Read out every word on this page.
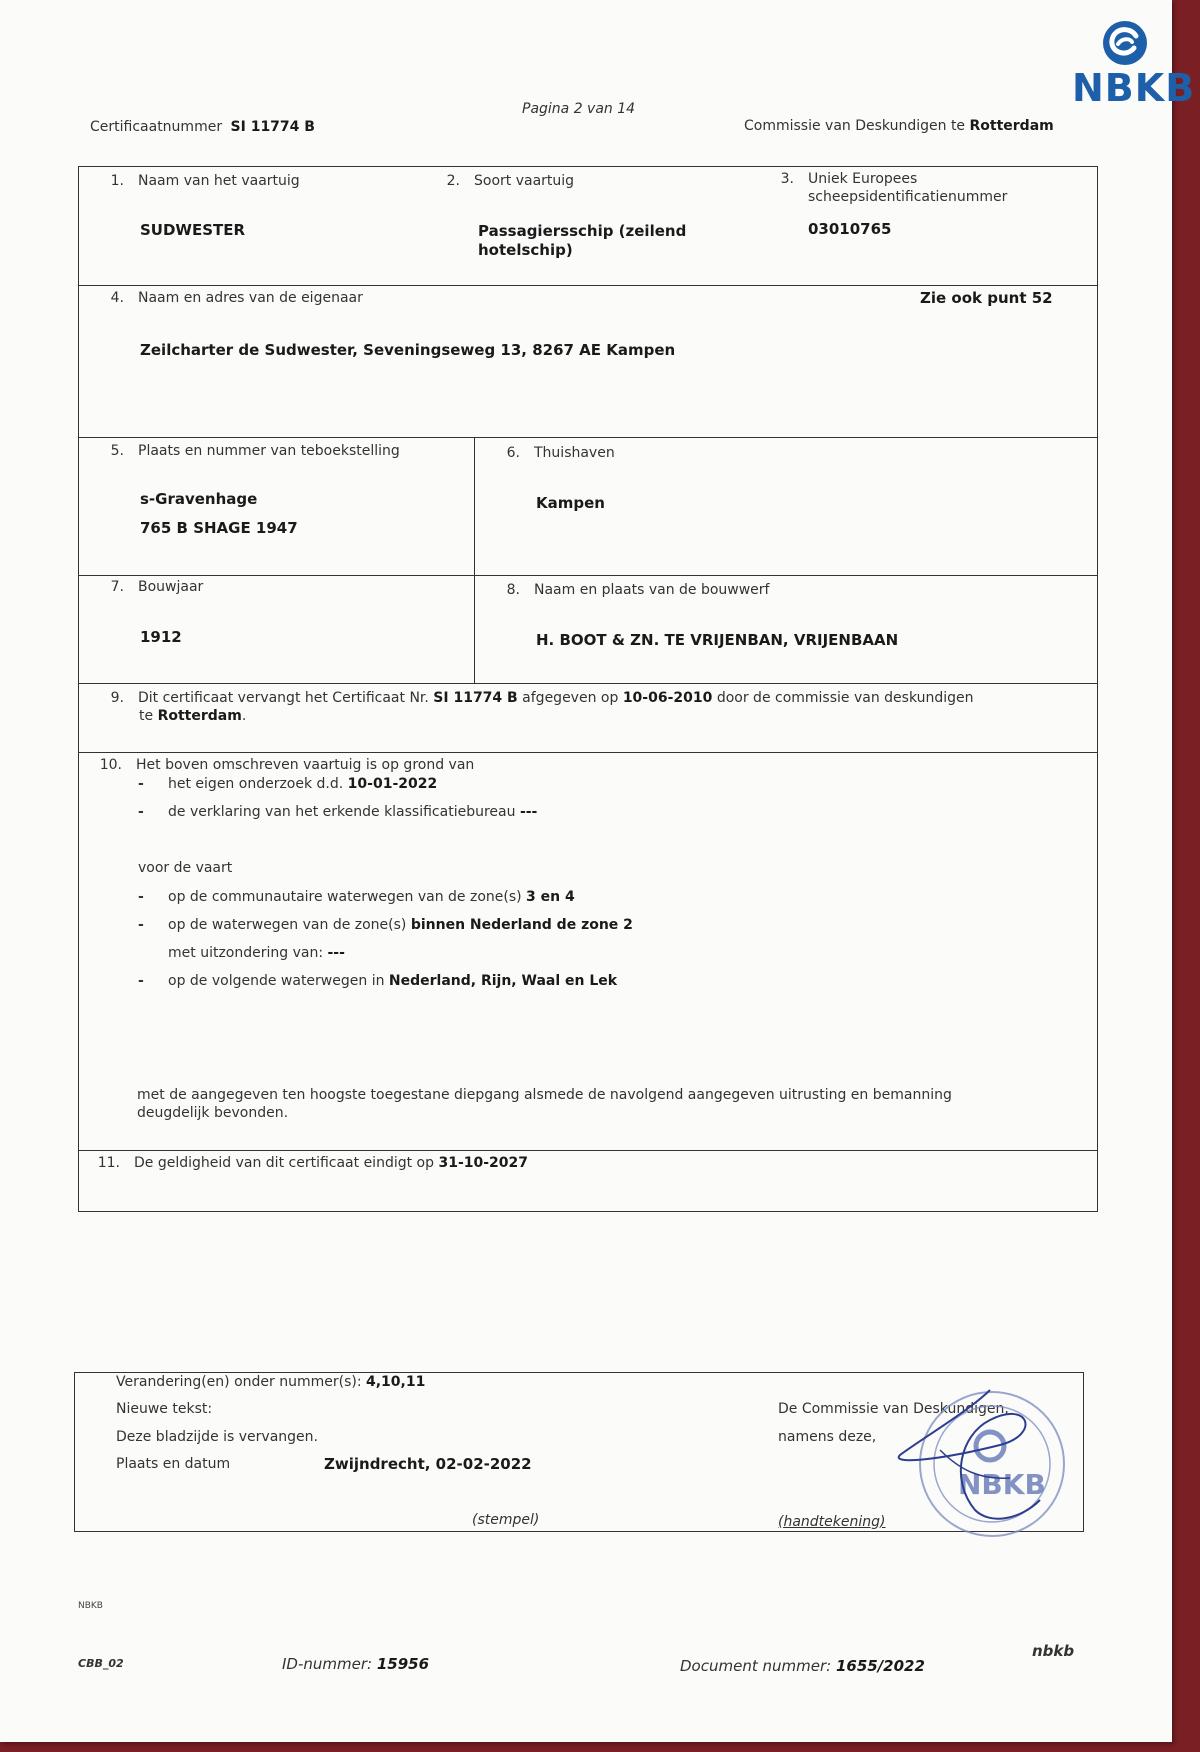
Certificaatnummer SI 11774 B
Pagina 2 van 14
Commissie van Deskundigen te Rotterdam
NBKB
1. Naam van het vaartuig
SUDWESTER
2. Soort vaartuig
Passagiersschip (zeilend
hotelschip)
3. Uniek Europees
scheepsidentificatienummer
03010765
4. Naam en adres van de eigenaar	Zie ook punt 52
Zeilcharter de Sudwester, Seveningseweg 13, 8267 AE Kampen
5. Plaats en nummer van teboekstelling
s-Gravenhage
765 B SHAGE 1947
6. Thuishaven
Kampen
7. Bouwjaar
1912
8. Naam en plaats van de bouwwerf
H. BOOT & ZN. TE VRIJENBAN, VRIJENBAAN
9. Dit certificaat vervangt het Certificaat Nr. SI 11774 B afgegeven op 10-06-2010 door de commissie van deskundigen
te Rotterdam.
10. Het boven omschreven vaartuig is op grond van
- het eigen onderzoek d.d. 10-01-2022
- de verklaring van het erkende klassificatiebureau ---
voor de vaart
- op de communautaire waterwegen van de zone(s) 3 en 4
- op de waterwegen van de zone(s) binnen Nederland de zone 2
met uitzondering van: ---
- op de volgende waterwegen in Nederland, Rijn, Waal en Lek
met de aangegeven ten hoogste toegestane diepgang alsmede de navolgend aangegeven uitrusting en bemanning
deugdelijk bevonden.
11. De geldigheid van dit certificaat eindigt op 31-10-2027
Verandering(en) onder nummer(s): 4,10,11
Nieuwe tekst:
Deze bladzijde is vervangen.
Plaats en datum	Zwijndrecht, 02-02-2022
(stempel)
De Commissie van Deskundigen,
namens deze,
(handtekening)
NBKB
NBKB
CBB_02	ID-nummer: 15956	Document nummer: 1655/2022
nbkb
